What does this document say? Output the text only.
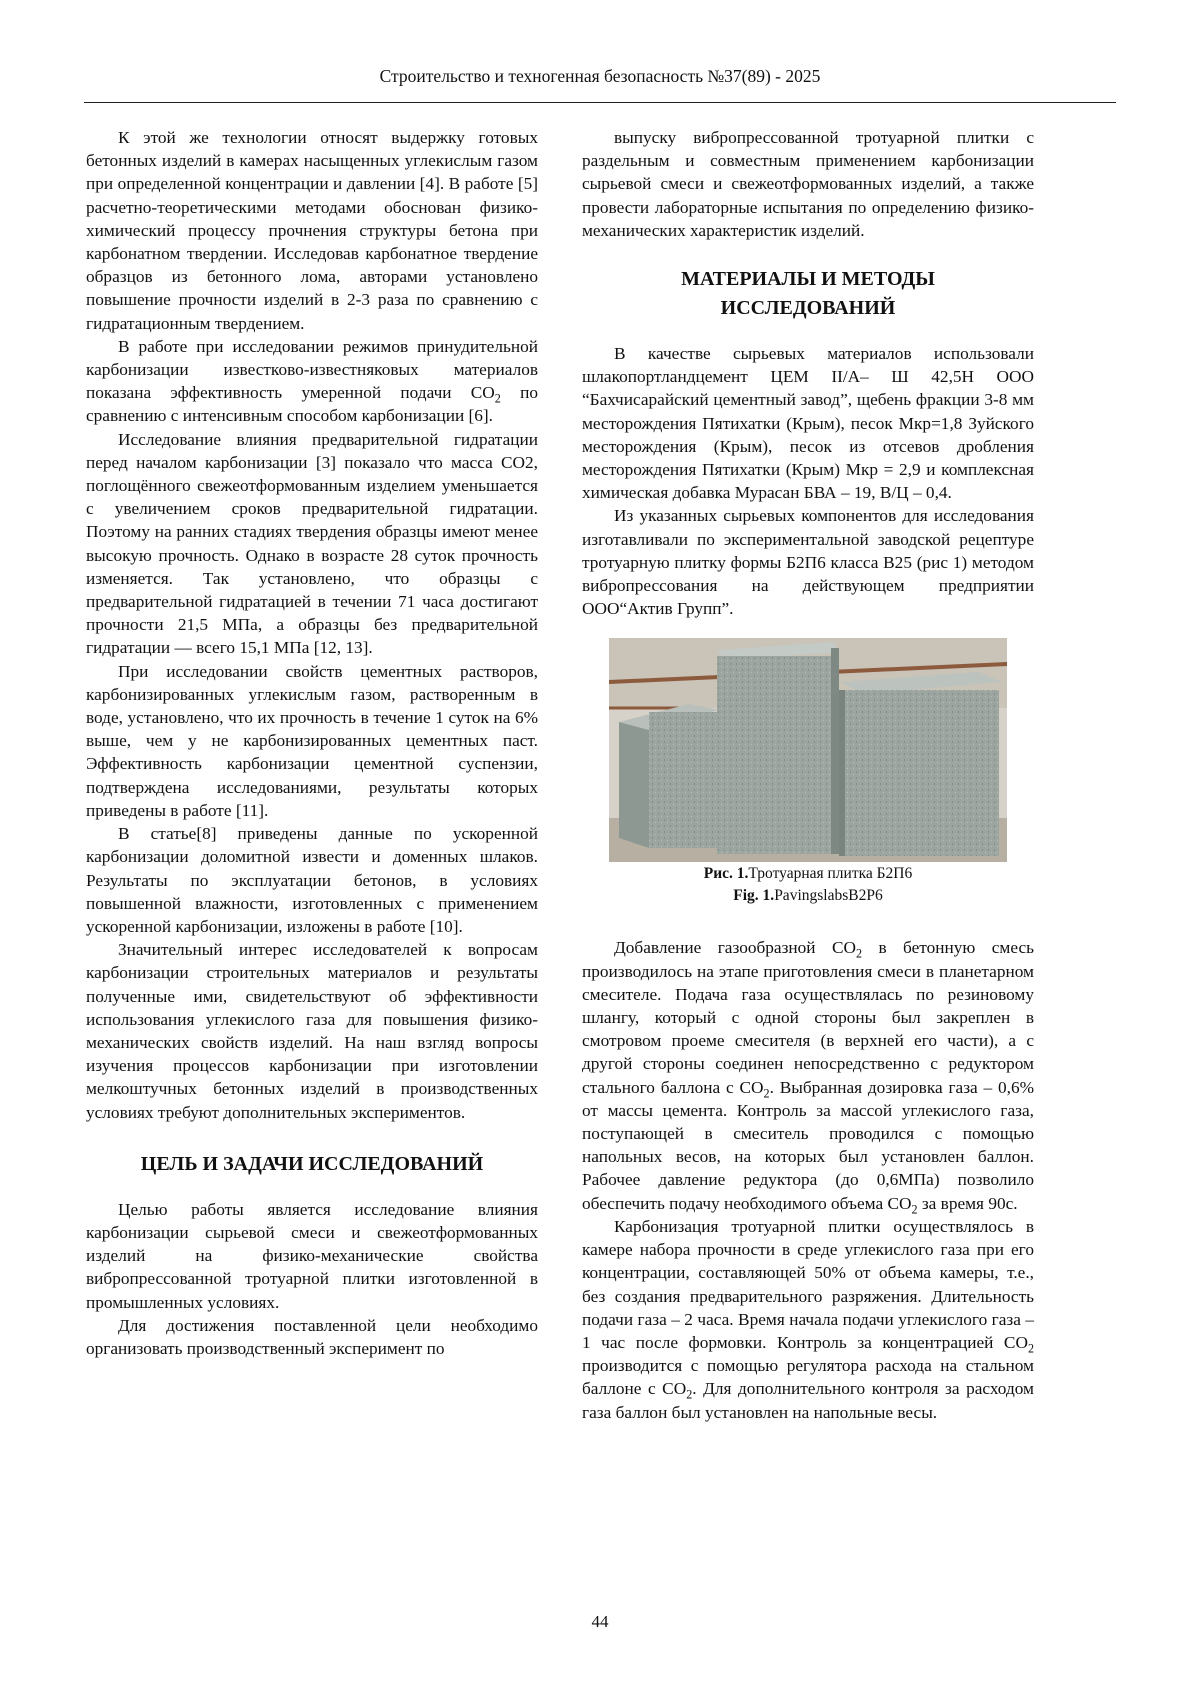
Строительство и техногенная безопасность №37(89) - 2025

К этой же технологии относят выдержку готовых бетонных изделий в камерах насыщенных углекислым газом при определенной концентрации и давлении [4]. В работе [5] расчетно-теоретическими методами обоснован физико-химический процессу прочнения структуры бетона при карбонатном твердении. Исследовав карбонатное твердение образцов из бетонного лома, авторами установлено повышение прочности изделий в 2-3 раза по сравнению с гидратационным твердением.

В работе при исследовании режимов принудительной карбонизации известково-известняковых материалов показана эффективность умеренной подачи $СО_2$ по сравнению с интенсивным способом карбонизации [6].

Исследование влияния предварительной гидратации перед началом карбонизации [3] показало что масса СО2, поглощённого свежеотформованным изделием уменьшается с увеличением сроков предварительной гидратации. Поэтому на ранних стадиях твердения образцы имеют менее высокую прочность. Однако в возрасте 28 суток прочность изменяется. Так установлено, что образцы с предварительной гидратацией в течении 71 часа достигают прочности 21,5 МПа, а образцы без предварительной гидратации — всего 15,1 МПа [12, 13].

При исследовании свойств цементных растворов, карбонизированных углекислым газом, растворенным в воде, установлено, что их прочность в течение 1 суток на 6% выше, чем у не карбонизированных цементных паст. Эффективность карбонизации цементной суспензии, подтверждена исследованиями, результаты которых приведены в работе [11].

В статье[8] приведены данные по ускоренной карбонизации доломитной извести и доменных шлаков. Результаты по эксплуатации бетонов, в условиях повышенной влажности, изготовленных с применением ускоренной карбонизации, изложены в работе [10].

Значительный интерес исследователей к вопросам карбонизации строительных материалов и результаты полученные ими, свидетельствуют об эффективности использования углекислого газа для повышения физико-механических свойств изделий. На наш взгляд вопросы изучения процессов карбонизации при изготовлении мелкоштучных бетонных изделий в производственных условиях требуют дополнительных экспериментов.

ЦЕЛЬ И ЗАДАЧИ ИССЛЕДОВАНИЙ

Целью работы является исследование влияния карбонизации сырьевой смеси и свежеотформованных изделий на физико-механические свойства вибропрессованной тротуарной плитки изготовленной в промышленных условиях.

Для достижения поставленной цели необходимо организовать производственный эксперимент по

выпуску вибропрессованной тротуарной плитки с раздельным и совместным применением карбонизации сырьевой смеси и свежеотформованных изделий, а также провести лабораторные испытания по определению физико-механических характеристик изделий.

МАТЕРИАЛЫ И МЕТОДЫ
ИССЛЕДОВАНИЙ

В качестве сырьевых материалов использовали шлакопортландцемент ЦЕМ II/А– Ш 42,5Н ООО “Бахчисарайский цементный завод”, щебень фракции 3-8 мм месторождения Пятихатки (Крым), песок Мкр=1,8 Зуйского месторождения (Крым), песок из отсевов дробления месторождения Пятихатки (Крым) Мкр = 2,9 и комплексная химическая добавка Мурасан БВА – 19, В/Ц – 0,4.

Из указанных сырьевых компонентов для исследования изготавливали по экспериментальной заводской рецептуре тротуарную плитку формы Б2П6 класса В25 (рис 1) методом вибропрессования на действующем предприятии ООО“Актив Групп”.

Рис. 1.Тротуарная плитка Б2П6
Fig. 1.PavingslabsB2P6

Добавление газообразной $СО_2$ в бетонную смесь производилось на этапе приготовления смеси в планетарном смесителе. Подача газа осуществлялась по резиновому шлангу, который с одной стороны был закреплен в смотровом проеме смесителя (в верхней его части), а с другой стороны соединен непосредственно с редуктором стального баллона с $СО_2$. Выбранная дозировка газа – 0,6% от массы цемента. Контроль за массой углекислого газа, поступающей в смеситель проводился с помощью напольных весов, на которых был установлен баллон. Рабочее давление редуктора (до 0,6МПа) позволило обеспечить подачу необходимого объема $СО_2$ за время 90с.

Карбонизация тротуарной плитки осуществлялось в камере набора прочности в среде углекислого газа при его концентрации, составляющей 50% от объема камеры, т.е., без создания предварительного разряжения. Длительность подачи газа – 2 часа. Время начала подачи углекислого газа – 1 час после формовки. Контроль за концентрацией $СО_2$ производится с помощью регулятора расхода на стальном баллоне с $СО_2$. Для дополнительного контроля за расходом газа баллон был установлен на напольные весы.

44
